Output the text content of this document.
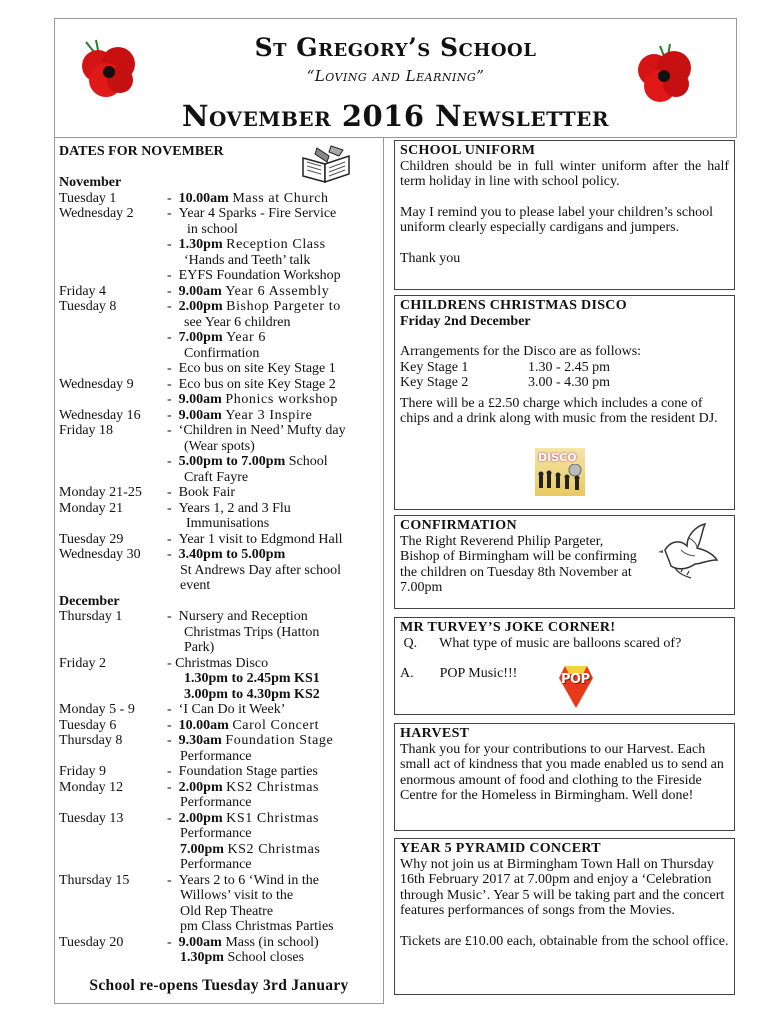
St Gregory’s School
“Loving and Learning”
November 2016 Newsletter
DATES FOR NOVEMBER
November
Tuesday 1	- 10.00am Mass at Church
Wednesday 2 - Year 4 Sparks - Fire Service
in school
- 1.30pm Reception Class
‘Hands and Teeth’ talk
- EYFS Foundation Workshop
Friday 4	- 9.00am Year 6 Assembly
Tuesday 8	- 2.00pm Bishop Pargeter to
see Year 6 children
- 7.00pm Year 6
Confirmation
- Eco bus on site Key Stage 1
Wednesday 9 - Eco bus on site Key Stage 2
- 9.00am Phonics workshop
Wednesday 16 - 9.00am Year 3 Inspire
Friday 18	- ‘Children in Need’ Mufty day
(Wear spots)
- 5.00pm to 7.00pm School
Craft Fayre
Monday 21-25 - Book Fair
Monday 21	- Years 1, 2 and 3 Flu
Immunisations
Tuesday 29	- Year 1 visit to Edgmond Hall
Wednesday 30 - 3.40pm to 5.00pm
St Andrews Day after school
event
December
Thursday 1	- Nursery and Reception
Christmas Trips (Hatton
Park)
Friday 2	- Christmas Disco
1.30pm to 2.45pm KS1
3.00pm to 4.30pm KS2
Monday 5 - 9 - ‘I Can Do it Week’
Tuesday 6	- 10.00am Carol Concert
Thursday 8	- 9.30am Foundation Stage
Performance
Friday 9	- Foundation Stage parties
Monday 12	- 2.00pm KS2 Christmas
Performance
Tuesday 13	- 2.00pm KS1 Christmas
Performance
7.00pm KS2 Christmas
Performance
Thursday 15	- Years 2 to 6 ‘Wind in the
Willows’ visit to the
Old Rep Theatre
pm Class Christmas Parties
Tuesday 20	- 9.00am Mass (in school)
1.30pm School closes
School re-opens Tuesday 3rd January
SCHOOL UNIFORM

Children should be in full winter uniform after the half term holiday in line with school policy.

May I remind you to please label your children’s school uniform clearly especially cardigans and jumpers.

Thank you

CHILDRENS CHRISTMAS DISCO

Friday 2nd December

Arrangements for the Disco are as follows:

Key Stage 1	1.30 - 2.45 pm
Key Stage 2	3.00 - 4.30 pm

There will be a £2.50 charge which includes a cone of chips and a drink along with music from the resident DJ.

DISCO
CONFIRMATION

The Right Reverend Philip Pargeter, Bishop of Birmingham will be confirming the children on Tuesday 8th November at 7.00pm

MR TURVEY’S JOKE CORNER!

Q. What type of music are balloons scared of?

A. POP Music!!!	POP
HARVEST

Thank you for your contributions to our Harvest. Each small act of kindness that you made enabled us to send an enormous amount of food and clothing to the Fireside Centre for the Homeless in Birmingham. Well done!

YEAR 5 PYRAMID CONCERT

Why not join us at Birmingham Town Hall on Thursday 16th February 2017 at 7.00pm and enjoy a ‘Celebration through Music’. Year 5 will be taking part and the concert features performances of songs from the Movies.

Tickets are £10.00 each, obtainable from the school office.
